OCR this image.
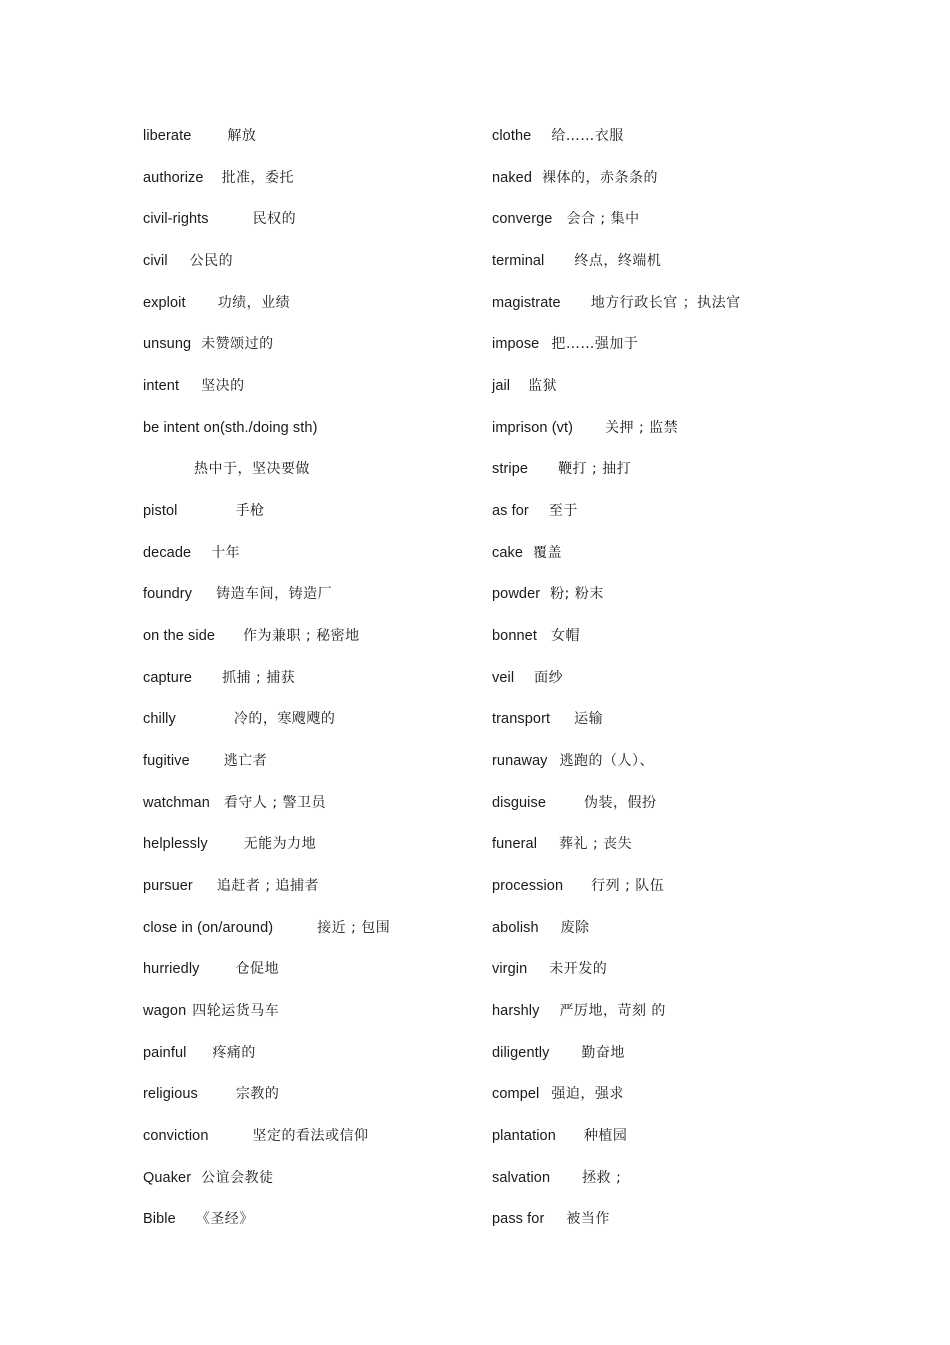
liberate	解放
authorize 批准，委托
civil-rights	民权的
civil 公民的
exploit 功绩，业绩
unsung 未赞颂过的
intent 坚决的
be intent on(sth./doing sth)
热中于，坚决要做
pistol	手枪
decade 十年
foundry 铸造车间，铸造厂
on the side 作为兼职 ; 秘密地
capture 抓捕 ; 捕获
chilly	冷的，寒飕飕的
fugitive 逃亡者
watchman 看守人 ; 警卫员
helplessly	无能为力地
pursuer 追赶者 ; 追捕者
close in (on/around)	接近 ; 包围
hurriedly	仓促地
wagon 四轮运货马车
painful 疼痛的
religious	宗教的
conviction	坚定的看法或信仰
Quaker 公谊会教徒
Bible 《圣经》
clothe 给……衣服
naked 裸体的，赤条条的
converge 会合 ; 集中
terminal 终点，终端机
magistrate 地方行政长官 ；执法官
impose 把……强加于
jail 监狱
imprison (vt) 关押 ; 监禁
stripe 鞭打 ; 抽打
as for 至于
cake 覆盖
powder 粉; 粉末
bonnet 女帽
veil 面纱
transport 运输
runaway 逃跑的（人）、
disguise	伪装，假扮
funeral 葬礼 ; 丧失
procession 行列 ; 队伍
abolish 废除
virgin 未开发的
harshly 严厉地，苛刻 的
diligently 勤奋地
compel 强迫，强求
plantation 种植园
salvation 拯救 ;
pass for 被当作
